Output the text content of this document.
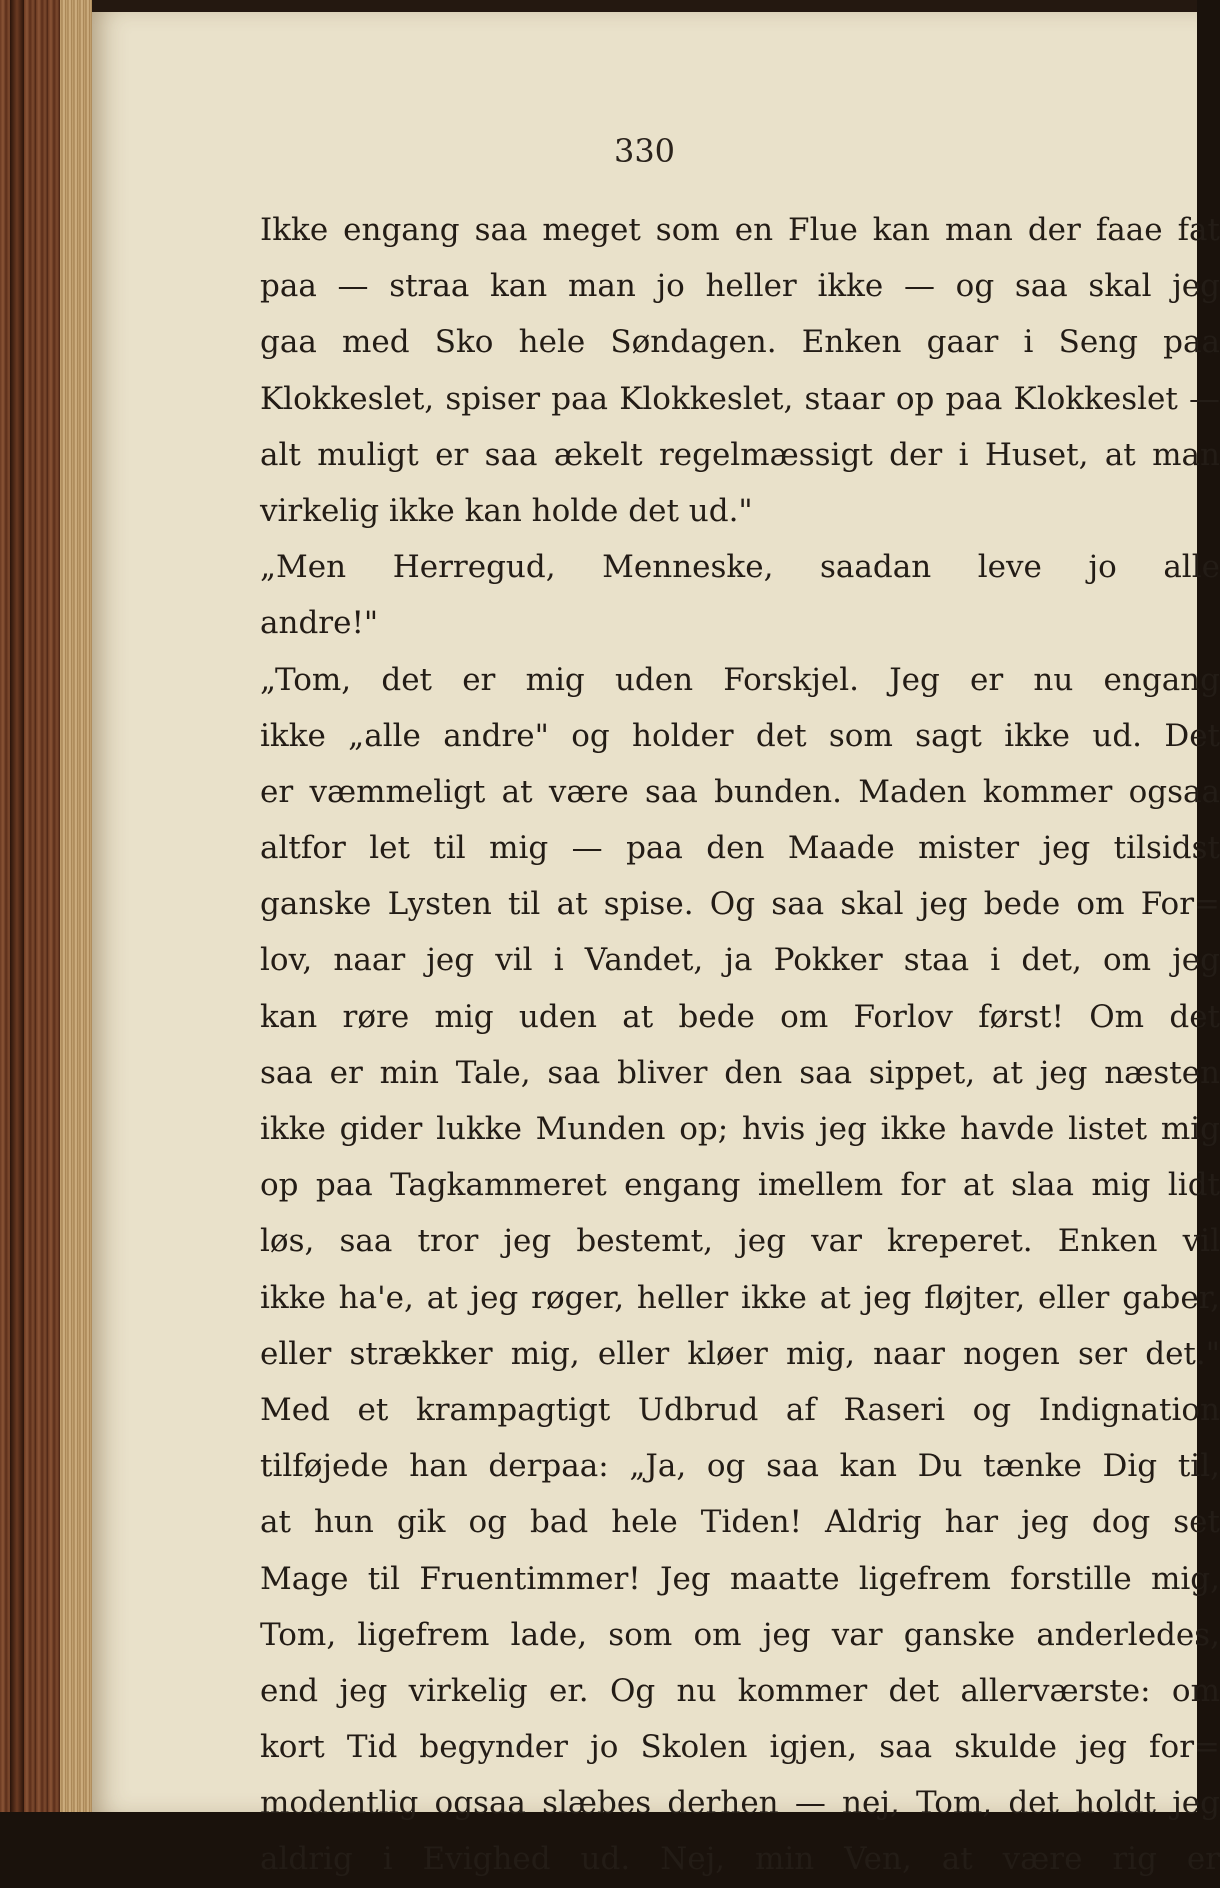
330

Ikke engang saa meget som en Flue kan man der faae fat
paa — straa kan man jo heller ikke — og saa skal jeg
gaa med Sko hele Søndagen. Enken gaar i Seng paa
Klokkeslet, spiser paa Klokkeslet, staar op paa Klokkeslet —
alt muligt er saa ækelt regelmæssigt der i Huset, at man
virkelig ikke kan holde det ud."
„Men Herregud, Menneske, saadan leve jo alle
andre!"
„Tom, det er mig uden Forskjel. Jeg er nu engang
ikke „alle andre" og holder det som sagt ikke ud. Det
er væmmeligt at være saa bunden. Maden kommer ogsaa
altfor let til mig — paa den Maade mister jeg tilsidst
ganske Lysten til at spise. Og saa skal jeg bede om For=
lov, naar jeg vil i Vandet, ja Pokker staa i det, om jeg
kan røre mig uden at bede om Forlov først! Om det
saa er min Tale, saa bliver den saa sippet, at jeg næsten
ikke gider lukke Munden op; hvis jeg ikke havde listet mig
op paa Tagkammeret engang imellem for at slaa mig lidt
løs, saa tror jeg bestemt, jeg var kreperet. Enken vil
ikke ha'e, at jeg røger, heller ikke at jeg fløjter, eller gaber,
eller strækker mig, eller kløer mig, naar nogen ser det."
Med et krampagtigt Udbrud af Raseri og Indignation
tilføjede han derpaa: „Ja, og saa kan Du tænke Dig til,
at hun gik og bad hele Tiden! Aldrig har jeg dog set
Mage til Fruentimmer! Jeg maatte ligefrem forstille mig,
Tom, ligefrem lade, som om jeg var ganske anderledes,
end jeg virkelig er. Og nu kommer det allerværste: om
kort Tid begynder jo Skolen igjen, saa skulde jeg for=
modentlig ogsaa slæbes derhen — nej, Tom, det holdt jeg
aldrig i Evighed ud. Nej, min Ven, at være rig er
